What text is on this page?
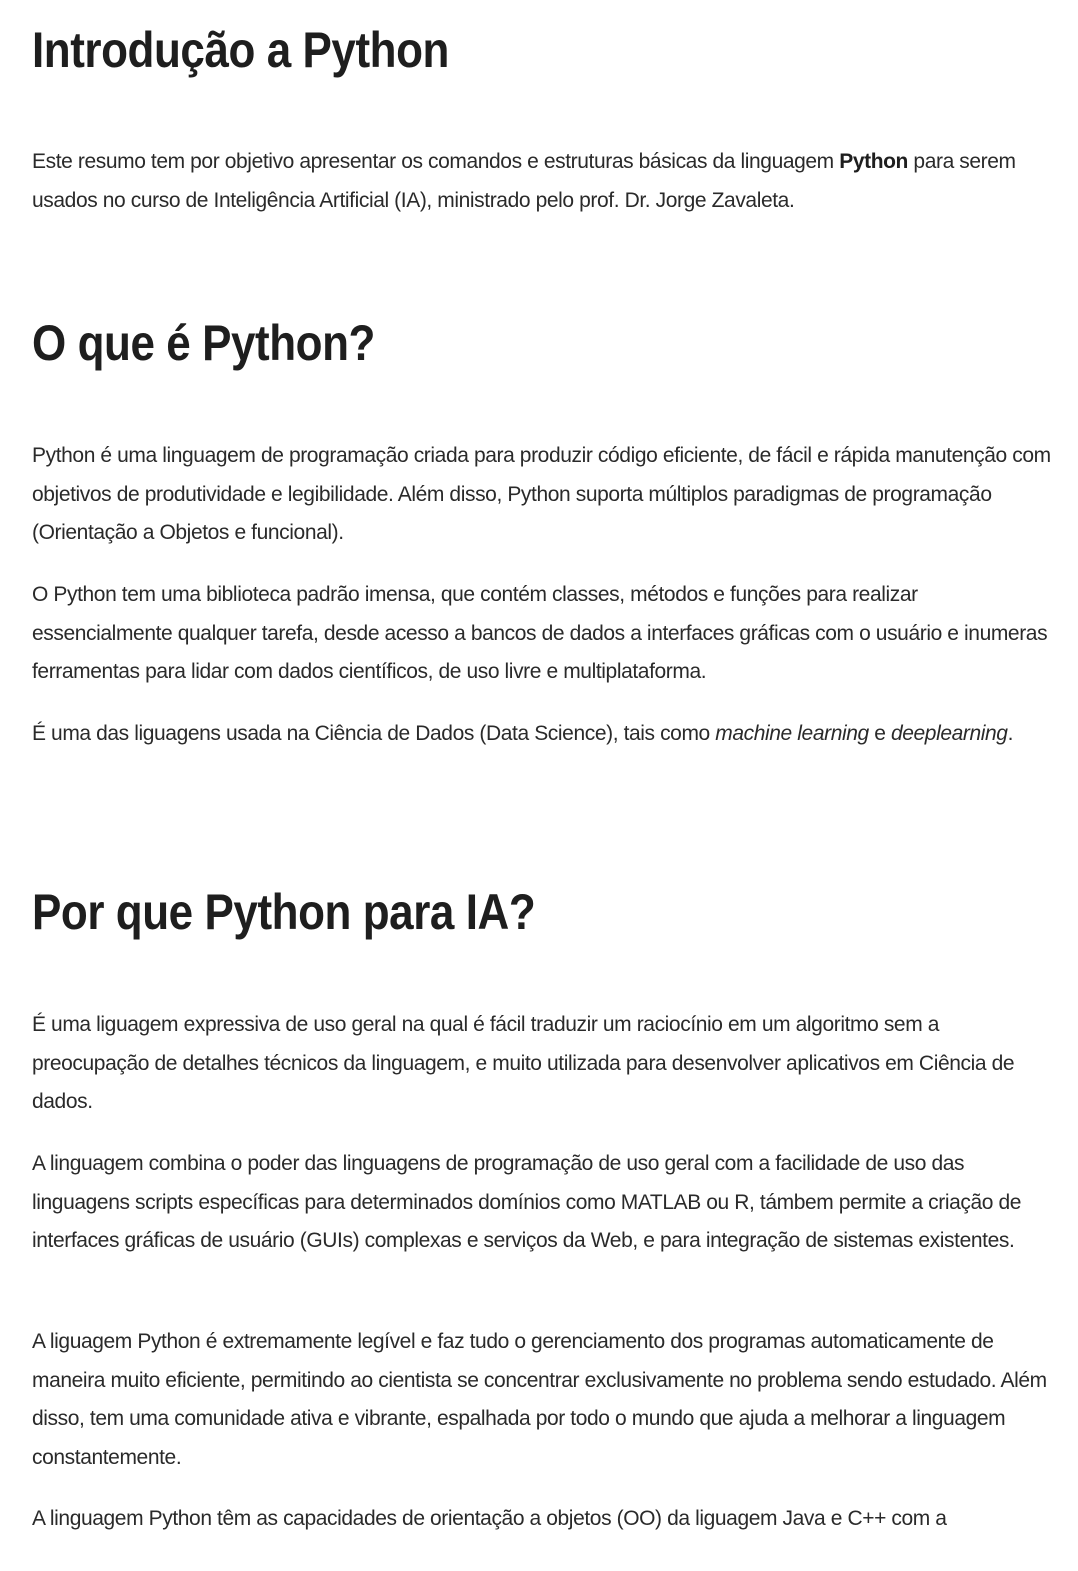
Introdução a Python

Este resumo tem por objetivo apresentar os comandos e estruturas básicas da linguagem Python para serem usados no curso de Inteligência Artificial (IA), ministrado pelo prof. Dr. Jorge Zavaleta.

O que é Python?

Python é uma linguagem de programação criada para produzir código eficiente, de fácil e rápida manutenção com objetivos de produtividade e legibilidade. Além disso, Python suporta múltiplos paradigmas de programação (Orientação a Objetos e funcional).

O Python tem uma biblioteca padrão imensa, que contém classes, métodos e funções para realizar essencialmente qualquer tarefa, desde acesso a bancos de dados a interfaces gráficas com o usuário e inumeras ferramentas para lidar com dados científicos, de uso livre e multiplataforma.

É uma das liguagens usada na Ciência de Dados (Data Science), tais como machine learning e deeplearning.

Por que Python para IA?

É uma liguagem expressiva de uso geral na qual é fácil traduzir um raciocínio em um algoritmo sem a preocupação de detalhes técnicos da linguagem, e muito utilizada para desenvolver aplicativos em Ciência de dados.

A linguagem combina o poder das linguagens de programação de uso geral com a facilidade de uso das linguagens scripts específicas para determinados domínios como MATLAB ou R, támbem permite a criação de interfaces gráficas de usuário (GUIs) complexas e serviços da Web, e para integração de sistemas existentes.

A liguagem Python é extremamente legível e faz tudo o gerenciamento dos programas automaticamente de maneira muito eficiente, permitindo ao cientista se concentrar exclusivamente no problema sendo estudado. Além disso, tem uma comunidade ativa e vibrante, espalhada por todo o mundo que ajuda a melhorar a linguagem constantemente.

A linguagem Python têm as capacidades de orientação a objetos (OO) da liguagem Java e C++ com a
